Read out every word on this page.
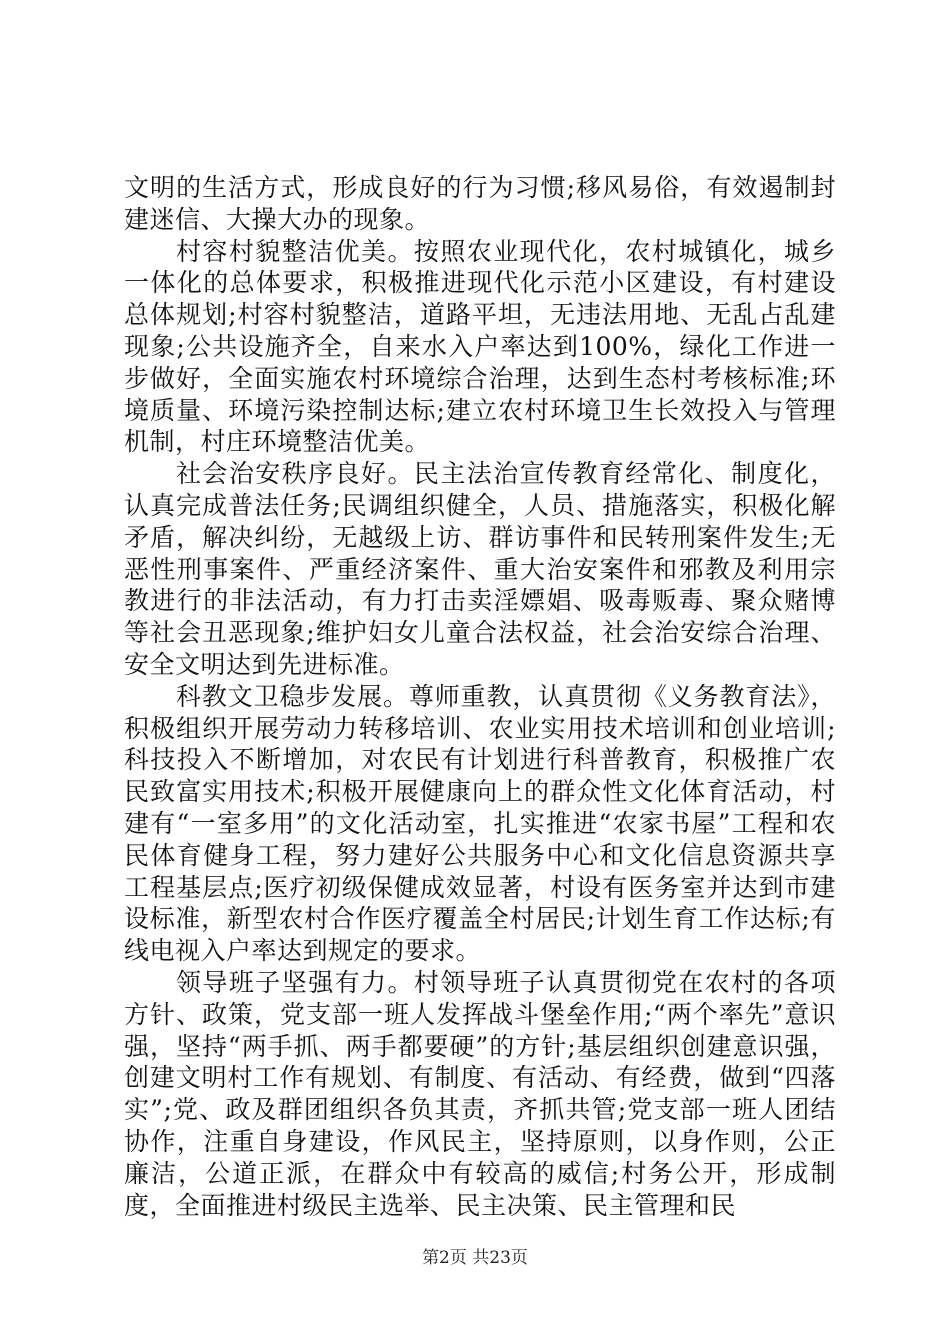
文明的生活方式，形成良好的行为习惯;移风易俗，有效遏制封建迷信、大操大办的现象。

村容村貌整洁优美。按照农业现代化，农村城镇化，城乡一体化的总体要求，积极推进现代化示范小区建设，有村建设总体规划;村容村貌整洁，道路平坦，无违法用地、无乱占乱建现象;公共设施齐全，自来水入户率达到100%，绿化工作进一步做好，全面实施农村环境综合治理，达到生态村考核标准;环境质量、环境污染控制达标;建立农村环境卫生长效投入与管理机制，村庄环境整洁优美。

社会治安秩序良好。民主法治宣传教育经常化、制度化，认真完成普法任务;民调组织健全，人员、措施落实，积极化解矛盾，解决纠纷，无越级上访、群访事件和民转刑案件发生;无恶性刑事案件、严重经济案件、重大治安案件和邪教及利用宗教进行的非法活动，有力打击卖淫嫖娼、吸毒贩毒、聚众赌博等社会丑恶现象;维护妇女儿童合法权益，社会治安综合治理、安全文明达到先进标准。

科教文卫稳步发展。尊师重教，认真贯彻《义务教育法》，积极组织开展劳动力转移培训、农业实用技术培训和创业培训;科技投入不断增加，对农民有计划进行科普教育，积极推广农民致富实用技术;积极开展健康向上的群众性文化体育活动，村建有“一室多用”的文化活动室，扎实推进“农家书屋”工程和农民体育健身工程，努力建好公共服务中心和文化信息资源共享工程基层点;医疗初级保健成效显著，村设有医务室并达到市建设标准，新型农村合作医疗覆盖全村居民;计划生育工作达标;有线电视入户率达到规定的要求。

领导班子坚强有力。村领导班子认真贯彻党在农村的各项方针、政策，党支部一班人发挥战斗堡垒作用;“两个率先”意识强，坚持“两手抓、两手都要硬”的方针;基层组织创建意识强，创建文明村工作有规划、有制度、有活动、有经费，做到“四落实”;党、政及群团组织各负其责，齐抓共管;党支部一班人团结协作，注重自身建设，作风民主，坚持原则，以身作则，公正廉洁，公道正派，在群众中有较高的威信;村务公开，形成制度，全面推进村级民主选举、民主决策、民主管理和民

第2页 共23页
